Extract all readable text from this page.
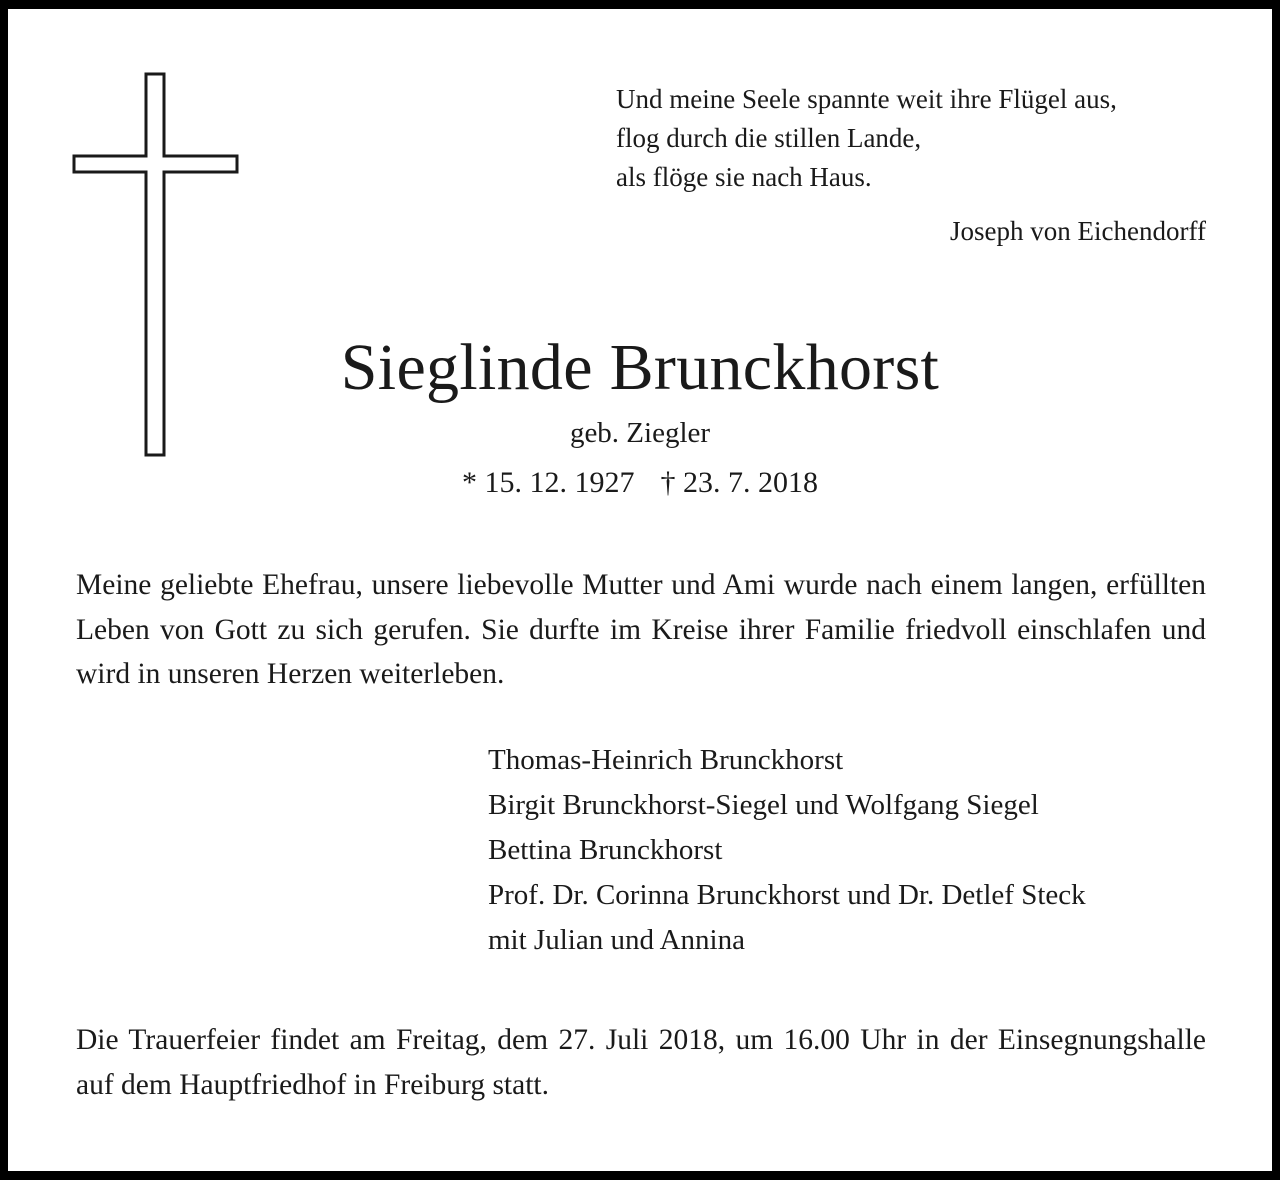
Und meine Seele spannte weit ihre Flügel aus,
flog durch die stillen Lande,
als flöge sie nach Haus.
Joseph von Eichendorff
Sieglinde Brunckhorst
geb. Ziegler
* 15. 12. 1927 † 23. 7. 2018
Meine geliebte Ehefrau, unsere liebevolle Mutter und Ami wurde nach einem langen, erfüllten Leben von Gott zu sich gerufen. Sie durfte im Kreise ihrer Familie friedvoll einschlafen und wird in unseren Herzen weiterleben.
Thomas-Heinrich Brunckhorst
Birgit Brunckhorst-Siegel und Wolfgang Siegel
Bettina Brunckhorst
Prof. Dr. Corinna Brunckhorst und Dr. Detlef Steck
mit Julian und Annina
Die Trauerfeier findet am Freitag, dem 27. Juli 2018, um 16.00 Uhr in der Einsegnungshalle auf dem Hauptfriedhof in Freiburg statt.
